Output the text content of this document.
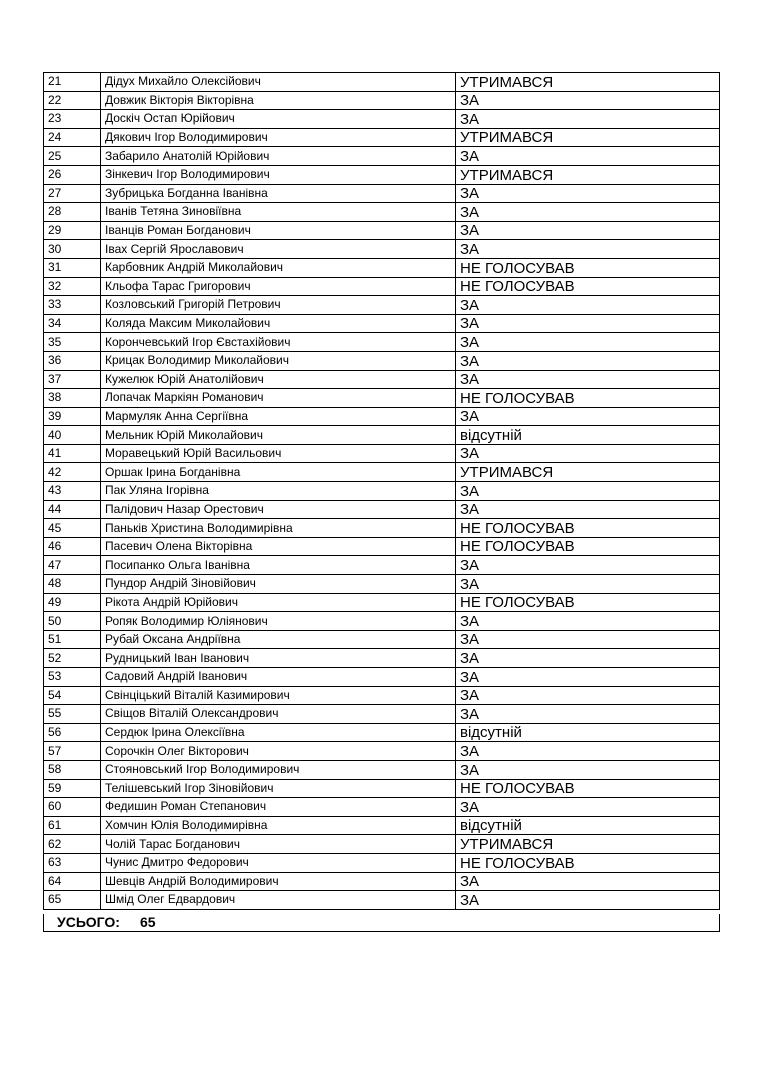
21	Дідух Михайло Олексійович	УТРИМАВСЯ
22	Довжик Вікторія Вікторівна	ЗА
23	Доскіч Остап Юрійович	ЗА
24	Дякович Ігор Володимирович	УТРИМАВСЯ
25	Забарило Анатолій Юрійович	ЗА
26	Зінкевич Ігор Володимирович	УТРИМАВСЯ
27	Зубрицька Богданна Іванівна	ЗА
28	Іванів Тетяна Зиновіївна	ЗА
29	Іванців Роман Богданович	ЗА
30	Івах Сергій Ярославович	ЗА
31	Карбовник Андрій Миколайович	НЕ ГОЛОСУВАВ
32	Кльофа Тарас Григорович	НЕ ГОЛОСУВАВ
33	Козловський Григорій Петрович	ЗА
34	Коляда Максим Миколайович	ЗА
35	Корончевський Ігор Євстахійович	ЗА
36	Крицак Володимир Миколайович	ЗА
37	Кужелюк Юрій Анатолійович	ЗА
38	Лопачак Маркіян Романович	НЕ ГОЛОСУВАВ
39	Мармуляк Анна Сергіївна	ЗА
40	Мельник Юрій Миколайович	відсутній
41	Моравецький Юрій Васильович	ЗА
42	Оршак Ірина Богданівна	УТРИМАВСЯ
43	Пак Уляна Ігорівна	ЗА
44	Палідович Назар Орестович	ЗА
45	Паньків Христина Володимирівна	НЕ ГОЛОСУВАВ
46	Пасевич Олена Вікторівна	НЕ ГОЛОСУВАВ
47	Посипанко Ольга Іванівна	ЗА
48	Пундор Андрій Зіновійович	ЗА
49	Рікота Андрій Юрійович	НЕ ГОЛОСУВАВ
50	Ропяк Володимир Юліянович	ЗА
51	Рубай Оксана Андріївна	ЗА
52	Рудницький Іван Іванович	ЗА
53	Садовий Андрій Іванович	ЗА
54	Свінціцький Віталій Казимирович	ЗА
55	Свіщов Віталій Олександрович	ЗА
56	Сердюк Ірина Олексіївна	відсутній
57	Сорочкін Олег Вікторович	ЗА
58	Стояновський Ігор Володимирович	ЗА
59	Телішевський Ігор Зіновійович	НЕ ГОЛОСУВАВ
60	Федишин Роман Степанович	ЗА
61	Хомчин Юлія Володимирівна	відсутній
62	Чолій Тарас Богданович	УТРИМАВСЯ
63	Чунис Дмитро Федорович	НЕ ГОЛОСУВАВ
64	Шевців Андрій Володимирович	ЗА
65	Шмід Олег Едвардович	ЗА
УСЬОГО: 65
